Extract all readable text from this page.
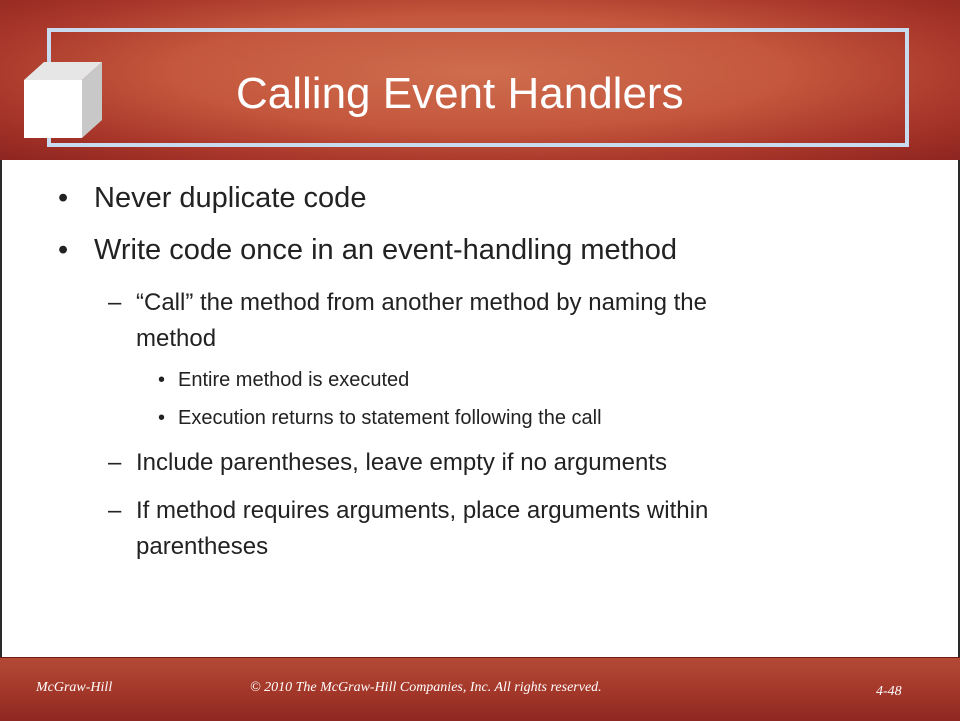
Calling Event Handlers
• Never duplicate code
• Write code once in an event-handling method
– “Call” the method from another method by naming the
method
• Entire method is executed
• Execution returns to statement following the call
– Include parentheses, leave empty if no arguments
– If method requires arguments, place arguments within
parentheses
McGraw-Hill	© 2010 The McGraw-Hill Companies, Inc. All rights reserved.	4-48
